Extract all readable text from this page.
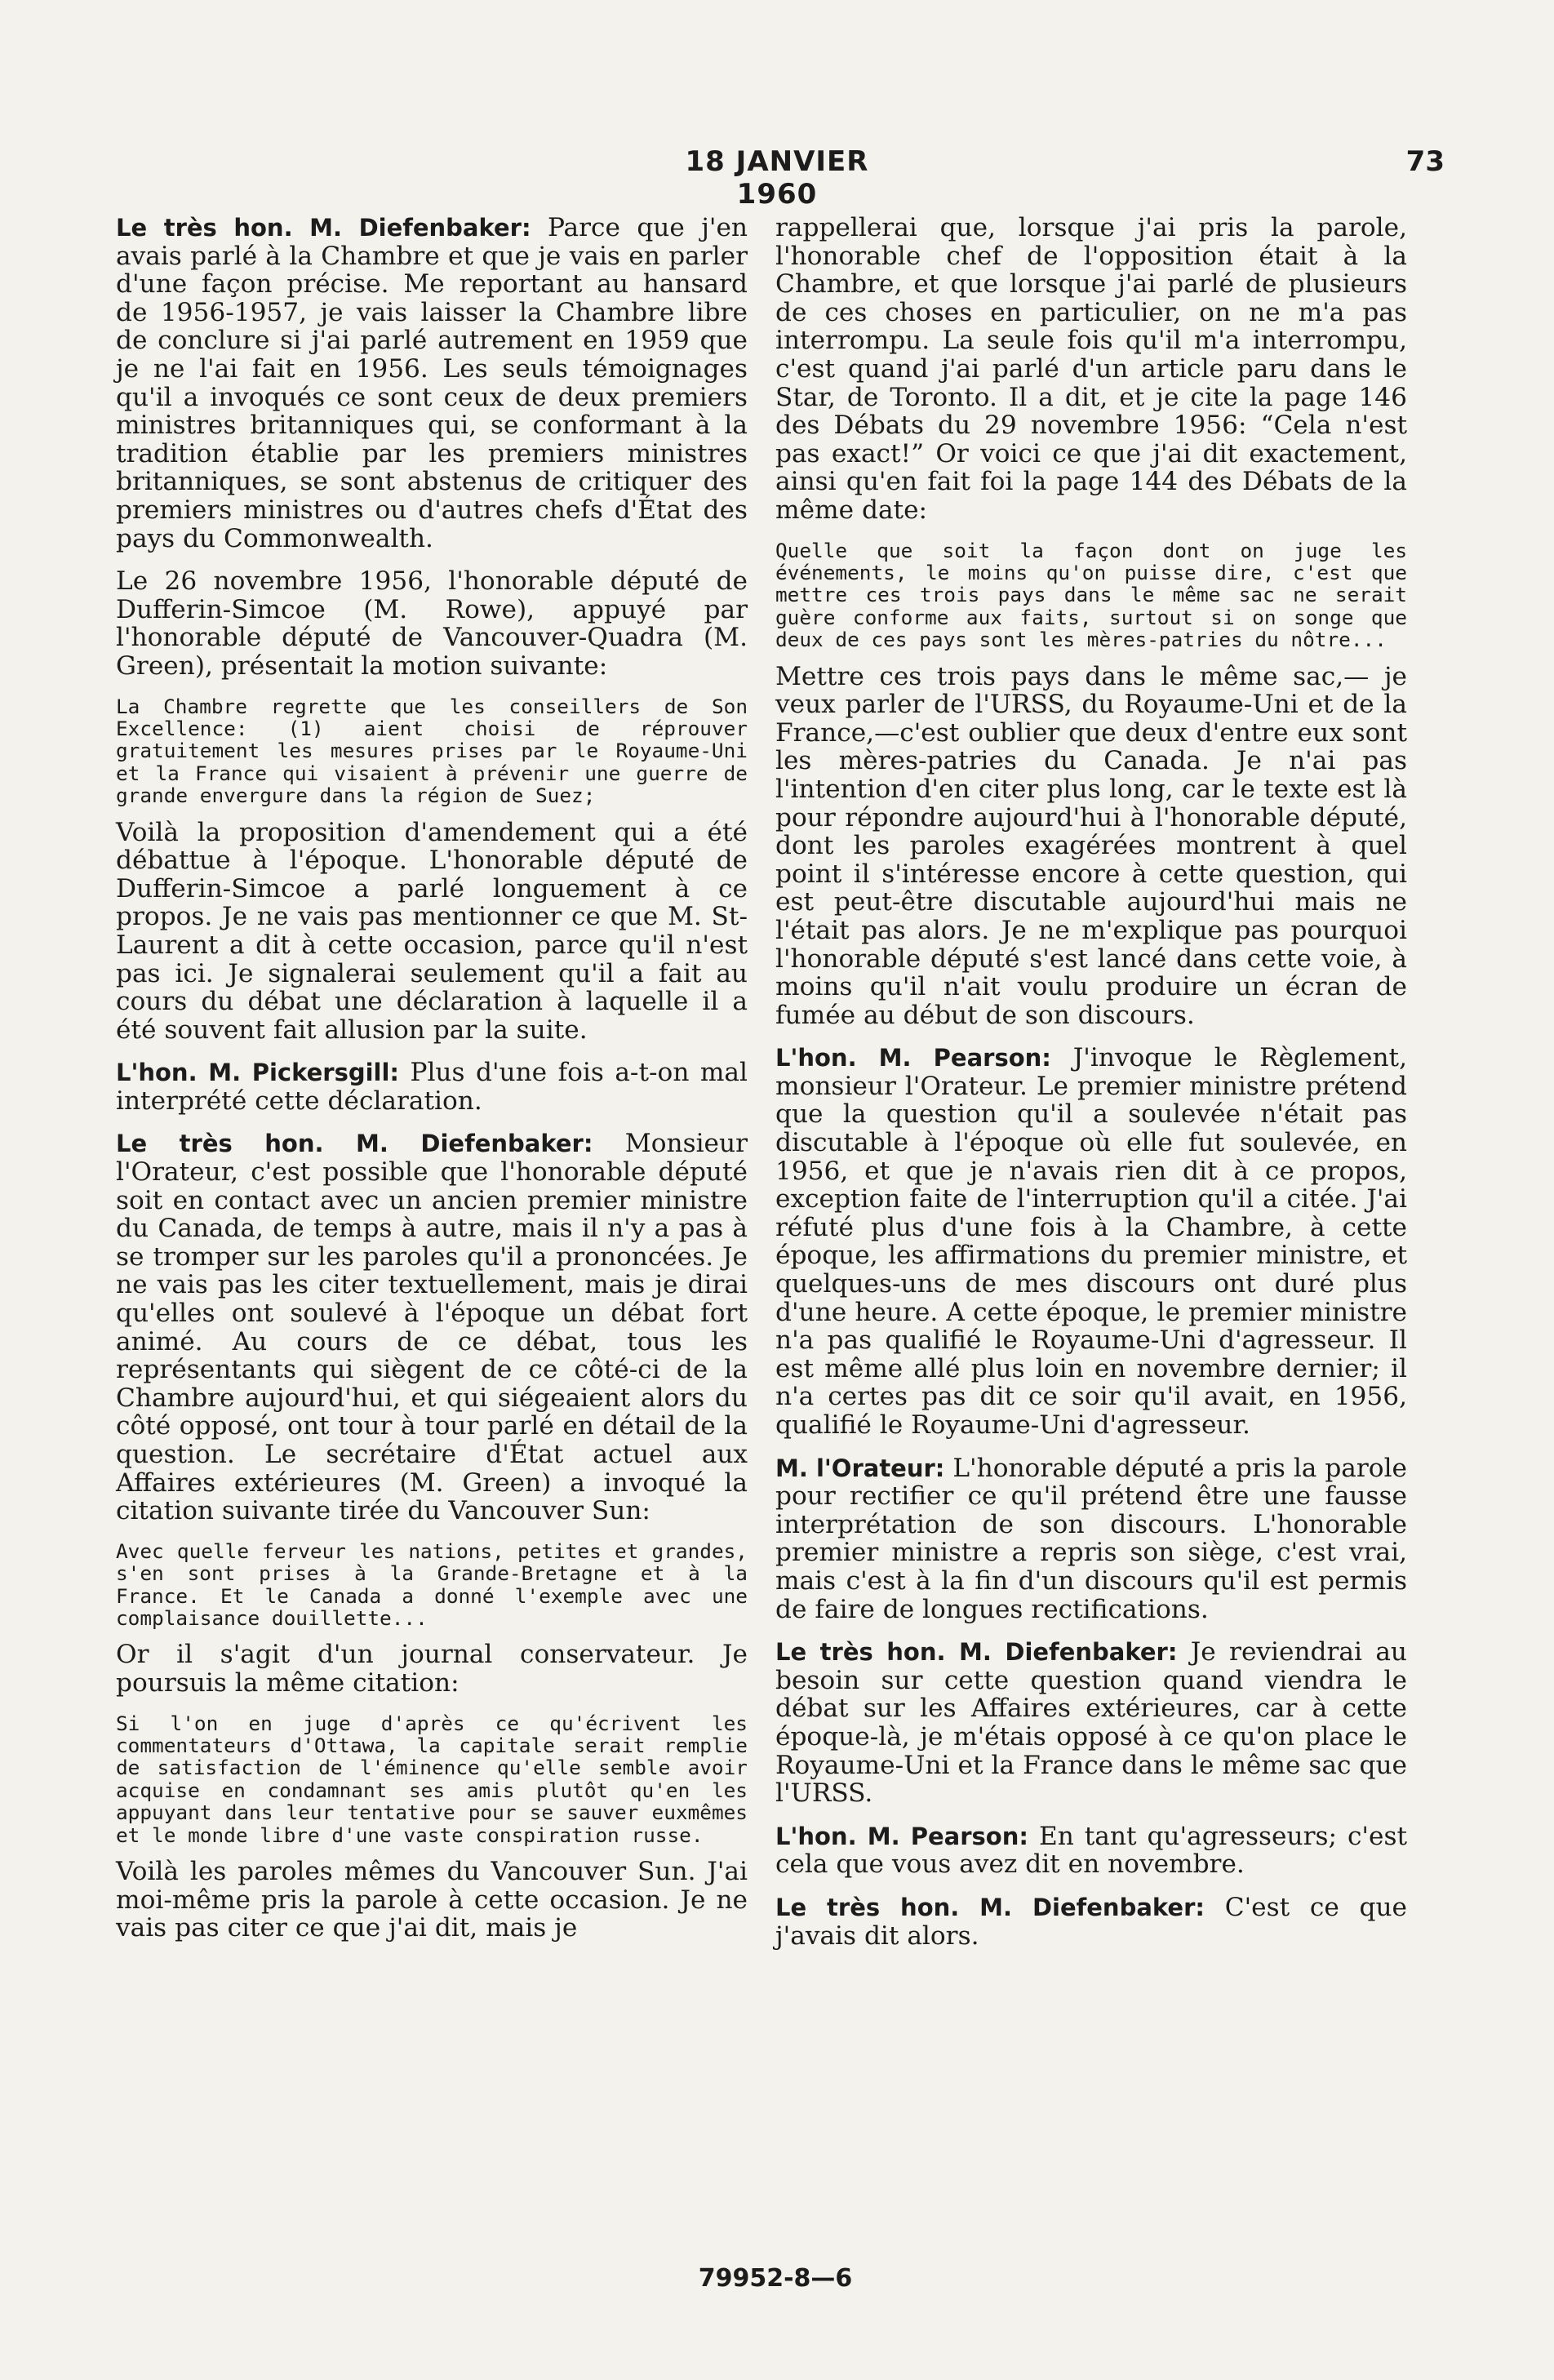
18 JANVIER 1960
73

Le très hon. M. Diefenbaker: Parce que j'en avais parlé à la Chambre et que je vais en parler d'une façon précise. Me reportant au hansard de 1956-1957, je vais laisser la Chambre libre de conclure si j'ai parlé autrement en 1959 que je ne l'ai fait en 1956. Les seuls témoignages qu'il a invoqués ce sont ceux de deux premiers ministres britanniques qui, se conformant à la tradition établie par les premiers ministres britanniques, se sont abstenus de critiquer des premiers ministres ou d'autres chefs d'État des pays du Commonwealth.

Le 26 novembre 1956, l'honorable député de Dufferin-Simcoe (M. Rowe), appuyé par l'honorable député de Vancouver-Quadra (M. Green), présentait la motion suivante:

La Chambre regrette que les conseillers de Son Excellence: (1) aient choisi de réprouver gratuitement les mesures prises par le Royaume-Uni et la France qui visaient à prévenir une guerre de grande envergure dans la région de Suez;

Voilà la proposition d'amendement qui a été débattue à l'époque. L'honorable député de Dufferin-Simcoe a parlé longuement à ce propos. Je ne vais pas mentionner ce que M. St-Laurent a dit à cette occasion, parce qu'il n'est pas ici. Je signalerai seulement qu'il a fait au cours du débat une déclaration à laquelle il a été souvent fait allusion par la suite.

L'hon. M. Pickersgill: Plus d'une fois a-t-on mal interprété cette déclaration.

Le très hon. M. Diefenbaker: Monsieur l'Orateur, c'est possible que l'honorable député soit en contact avec un ancien premier ministre du Canada, de temps à autre, mais il n'y a pas à se tromper sur les paroles qu'il a prononcées. Je ne vais pas les citer textuellement, mais je dirai qu'elles ont soulevé à l'époque un débat fort animé. Au cours de ce débat, tous les représentants qui siègent de ce côté-ci de la Chambre aujourd'hui, et qui siégeaient alors du côté opposé, ont tour à tour parlé en détail de la question. Le secrétaire d'État actuel aux Affaires extérieures (M. Green) a invoqué la citation suivante tirée du Vancouver Sun:

Avec quelle ferveur les nations, petites et grandes, s'en sont prises à la Grande-Bretagne et à la France. Et le Canada a donné l'exemple avec une complaisance douillette...

Or il s'agit d'un journal conservateur. Je poursuis la même citation:

Si l'on en juge d'après ce qu'écrivent les commentateurs d'Ottawa, la capitale serait remplie de satisfaction de l'éminence qu'elle semble avoir acquise en condamnant ses amis plutôt qu'en les appuyant dans leur tentative pour se sauver euxmêmes et le monde libre d'une vaste conspiration russe.

Voilà les paroles mêmes du Vancouver Sun. J'ai moi-même pris la parole à cette occasion. Je ne vais pas citer ce que j'ai dit, mais je

rappellerai que, lorsque j'ai pris la parole, l'honorable chef de l'opposition était à la Chambre, et que lorsque j'ai parlé de plusieurs de ces choses en particulier, on ne m'a pas interrompu. La seule fois qu'il m'a interrompu, c'est quand j'ai parlé d'un article paru dans le Star, de Toronto. Il a dit, et je cite la page 146 des Débats du 29 novembre 1956: “Cela n'est pas exact!” Or voici ce que j'ai dit exactement, ainsi qu'en fait foi la page 144 des Débats de la même date:

Quelle que soit la façon dont on juge les événements, le moins qu'on puisse dire, c'est que mettre ces trois pays dans le même sac ne serait guère conforme aux faits, surtout si on songe que deux de ces pays sont les mères-patries du nôtre...

Mettre ces trois pays dans le même sac,— je veux parler de l'URSS, du Royaume-Uni et de la France,—c'est oublier que deux d'entre eux sont les mères-patries du Canada. Je n'ai pas l'intention d'en citer plus long, car le texte est là pour répondre aujourd'hui à l'honorable député, dont les paroles exagérées montrent à quel point il s'intéresse encore à cette question, qui est peut-être discutable aujourd'hui mais ne l'était pas alors. Je ne m'explique pas pourquoi l'honorable député s'est lancé dans cette voie, à moins qu'il n'ait voulu produire un écran de fumée au début de son discours.

L'hon. M. Pearson: J'invoque le Règlement, monsieur l'Orateur. Le premier ministre prétend que la question qu'il a soulevée n'était pas discutable à l'époque où elle fut soulevée, en 1956, et que je n'avais rien dit à ce propos, exception faite de l'interruption qu'il a citée. J'ai réfuté plus d'une fois à la Chambre, à cette époque, les affirmations du premier ministre, et quelques-uns de mes discours ont duré plus d'une heure. A cette époque, le premier ministre n'a pas qualifié le Royaume-Uni d'agresseur. Il est même allé plus loin en novembre dernier; il n'a certes pas dit ce soir qu'il avait, en 1956, qualifié le Royaume-Uni d'agresseur.

M. l'Orateur: L'honorable député a pris la parole pour rectifier ce qu'il prétend être une fausse interprétation de son discours. L'honorable premier ministre a repris son siège, c'est vrai, mais c'est à la fin d'un discours qu'il est permis de faire de longues rectifications.

Le très hon. M. Diefenbaker: Je reviendrai au besoin sur cette question quand viendra le débat sur les Affaires extérieures, car à cette époque-là, je m'étais opposé à ce qu'on place le Royaume-Uni et la France dans le même sac que l'URSS.

L'hon. M. Pearson: En tant qu'agresseurs; c'est cela que vous avez dit en novembre.

Le très hon. M. Diefenbaker: C'est ce que j'avais dit alors.

79952-8—6
